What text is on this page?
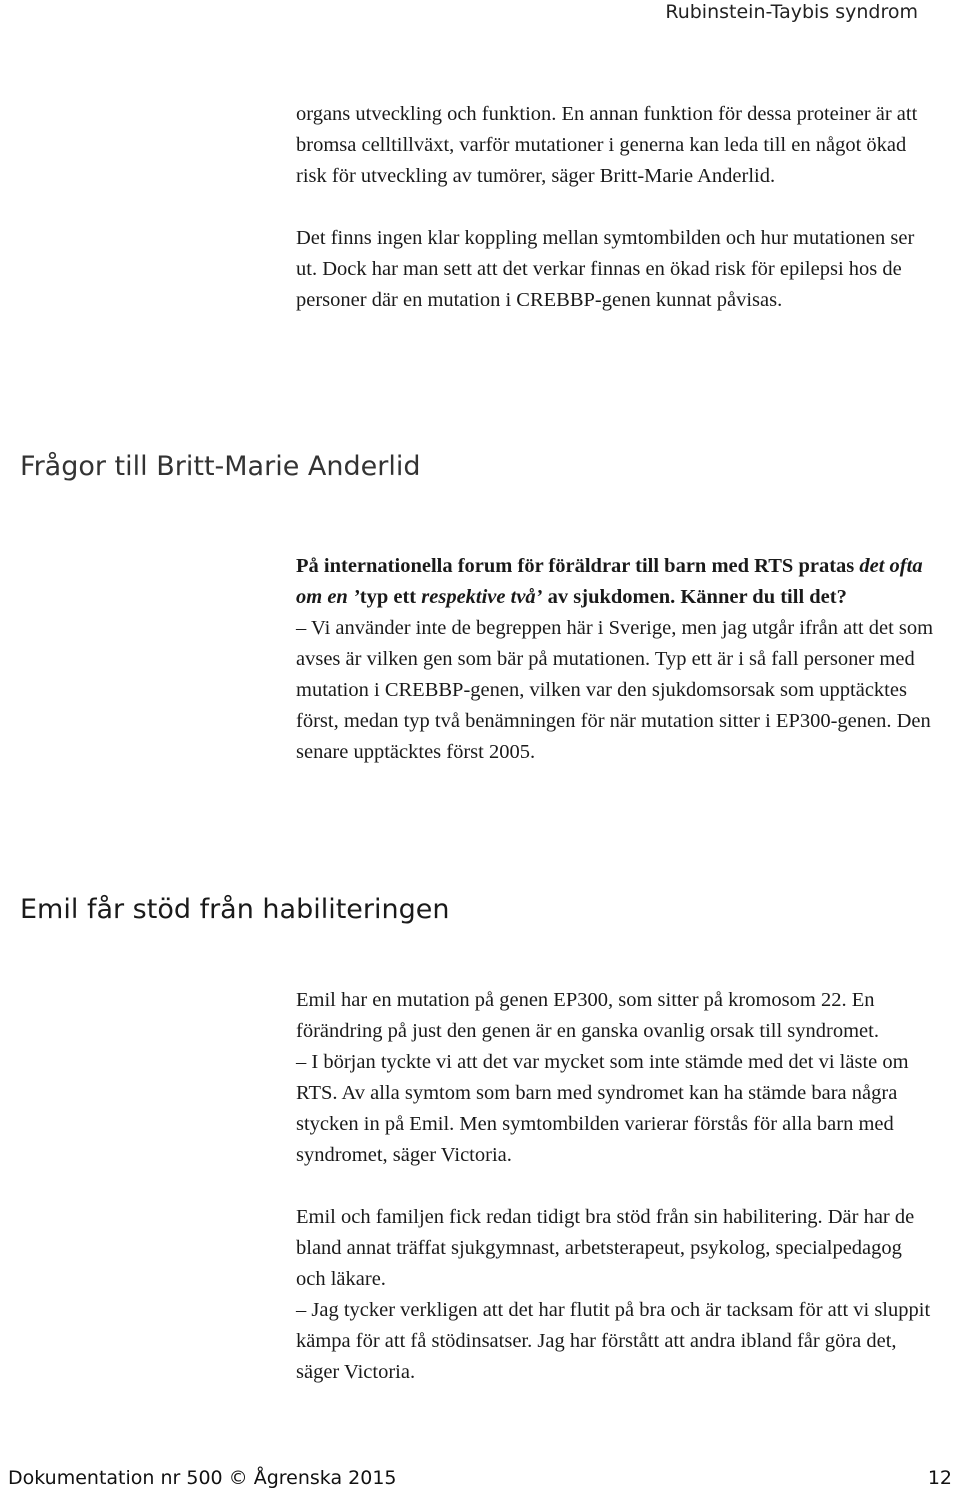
Rubinstein-Taybis syndrom

organs utveckling och funktion. En annan funktion för dessa proteiner är att bromsa celltillväxt, varför mutationer i generna kan leda till en något ökad risk för utveckling av tumörer, säger Britt-Marie Anderlid.

Det finns ingen klar koppling mellan symtombilden och hur mutationen ser ut. Dock har man sett att det verkar finnas en ökad risk för epilepsi hos de personer där en mutation i CREBBP-genen kunnat påvisas.

Frågor till Britt-Marie Anderlid

På internationella forum för föräldrar till barn med RTS pratas det ofta om en ’typ ett respektive två’ av sjukdomen. Känner du till det?

– Vi använder inte de begreppen här i Sverige, men jag utgår ifrån att det som avses är vilken gen som bär på mutationen. Typ ett är i så fall personer med mutation i CREBBP-genen, vilken var den sjukdomsorsak som upptäcktes först, medan typ två benämningen för när mutation sitter i EP300-genen. Den senare upptäcktes först 2005.

Emil får stöd från habiliteringen

Emil har en mutation på genen EP300, som sitter på kromosom 22. En förändring på just den genen är en ganska ovanlig orsak till syndromet.

– I början tyckte vi att det var mycket som inte stämde med det vi läste om RTS. Av alla symtom som barn med syndromet kan ha stämde bara några stycken in på Emil. Men symtombilden varierar förstås för alla barn med syndromet, säger Victoria.

Emil och familjen fick redan tidigt bra stöd från sin habilitering. Där har de bland annat träffat sjukgymnast, arbetsterapeut, psykolog, specialpedagog och läkare.

– Jag tycker verkligen att det har flutit på bra och är tacksam för att vi sluppit kämpa för att få stödinsatser. Jag har förstått att andra ibland får göra det, säger Victoria.

Dokumentation nr 500 © Ågrenska 2015	12
